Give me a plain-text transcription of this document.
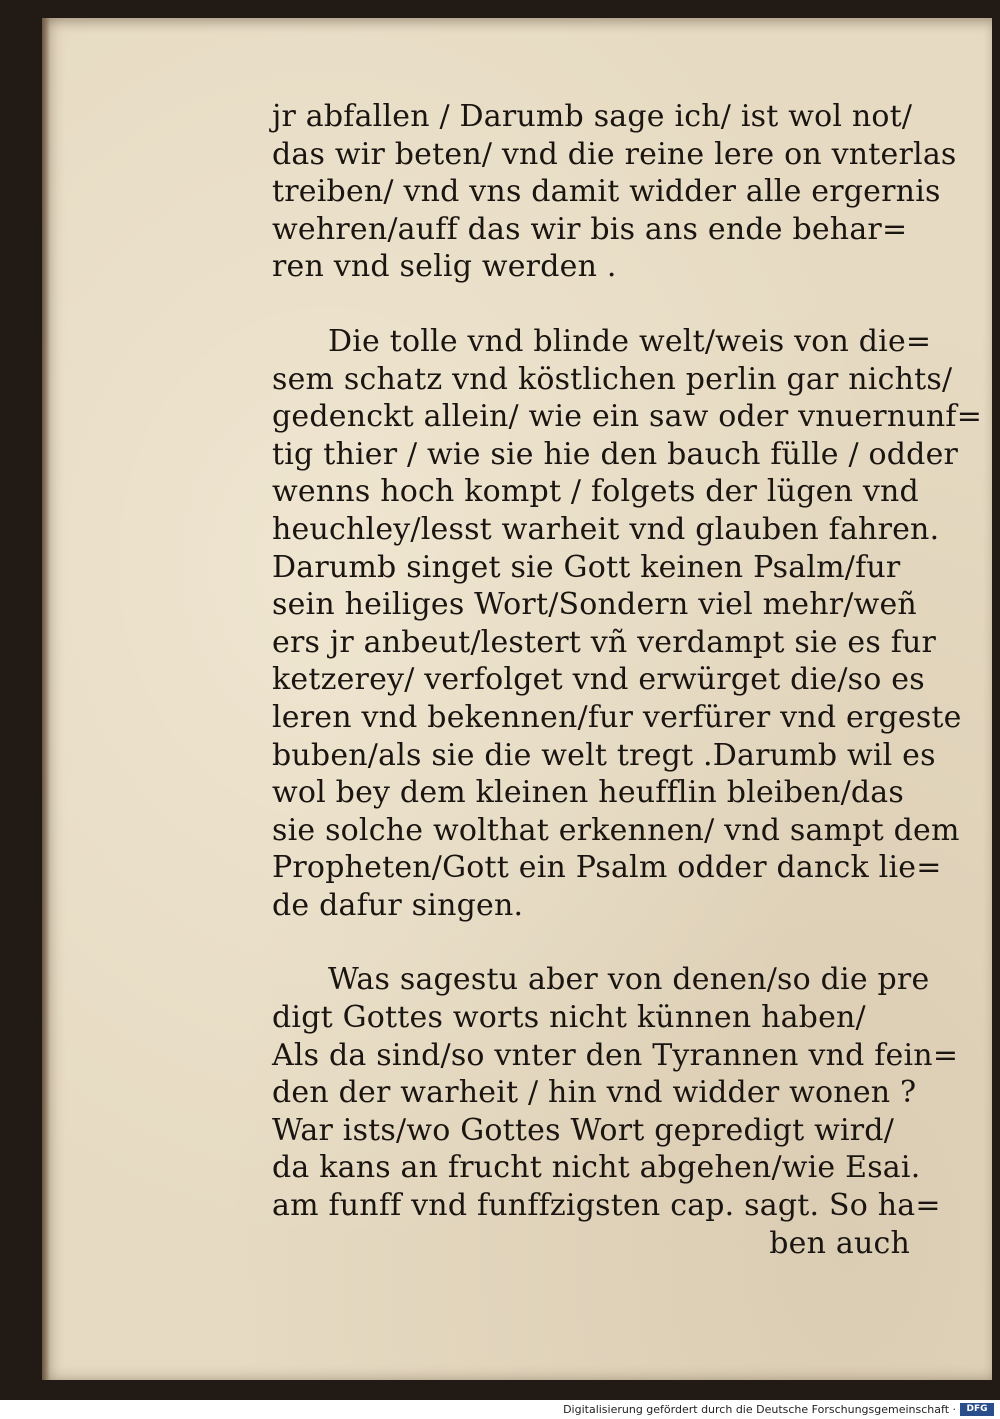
jr abfallen / Darumb sage ich/ ist wol not/
das wir beten/ vnd die reine lere on vnterlas
treiben/ vnd vns damit widder alle ergernis
wehren/auff das wir bis ans ende behar=
ren vnd selig werden .
Die tolle vnd blinde welt/weis von die=
sem schatz vnd köstlichen perlin gar nichts/
gedenckt allein/ wie ein saw oder vnuernunf=
tig thier / wie sie hie den bauch fülle / odder
wenns hoch kompt / folgets der lügen vnd
heuchley/lesst warheit vnd glauben fahren.
Darumb singet sie Gott keinen Psalm/fur
sein heiliges Wort/Sondern viel mehr/weñ
ers jr anbeut/lestert vñ verdampt sie es fur
ketzerey/ verfolget vnd erwürget die/so es
leren vnd bekennen/fur verfürer vnd ergeste
buben/als sie die welt tregt .Darumb wil es
wol bey dem kleinen heufflin bleiben/das
sie solche wolthat erkennen/ vnd sampt dem
Propheten/Gott ein Psalm odder danck lie=
de dafur singen.
Was sagestu aber von denen/so die pre
digt Gottes worts nicht künnen haben/
Als da sind/so vnter den Tyrannen vnd fein=
den der warheit / hin vnd widder wonen ?
War ists/wo Gottes Wort gepredigt wird/
da kans an frucht nicht abgehen/wie Esai.
am funff vnd funffzigsten cap. sagt. So ha=
ben auch
Digitalisierung gefördert durch die Deutsche Forschungsgemeinschaft ·	DFG
